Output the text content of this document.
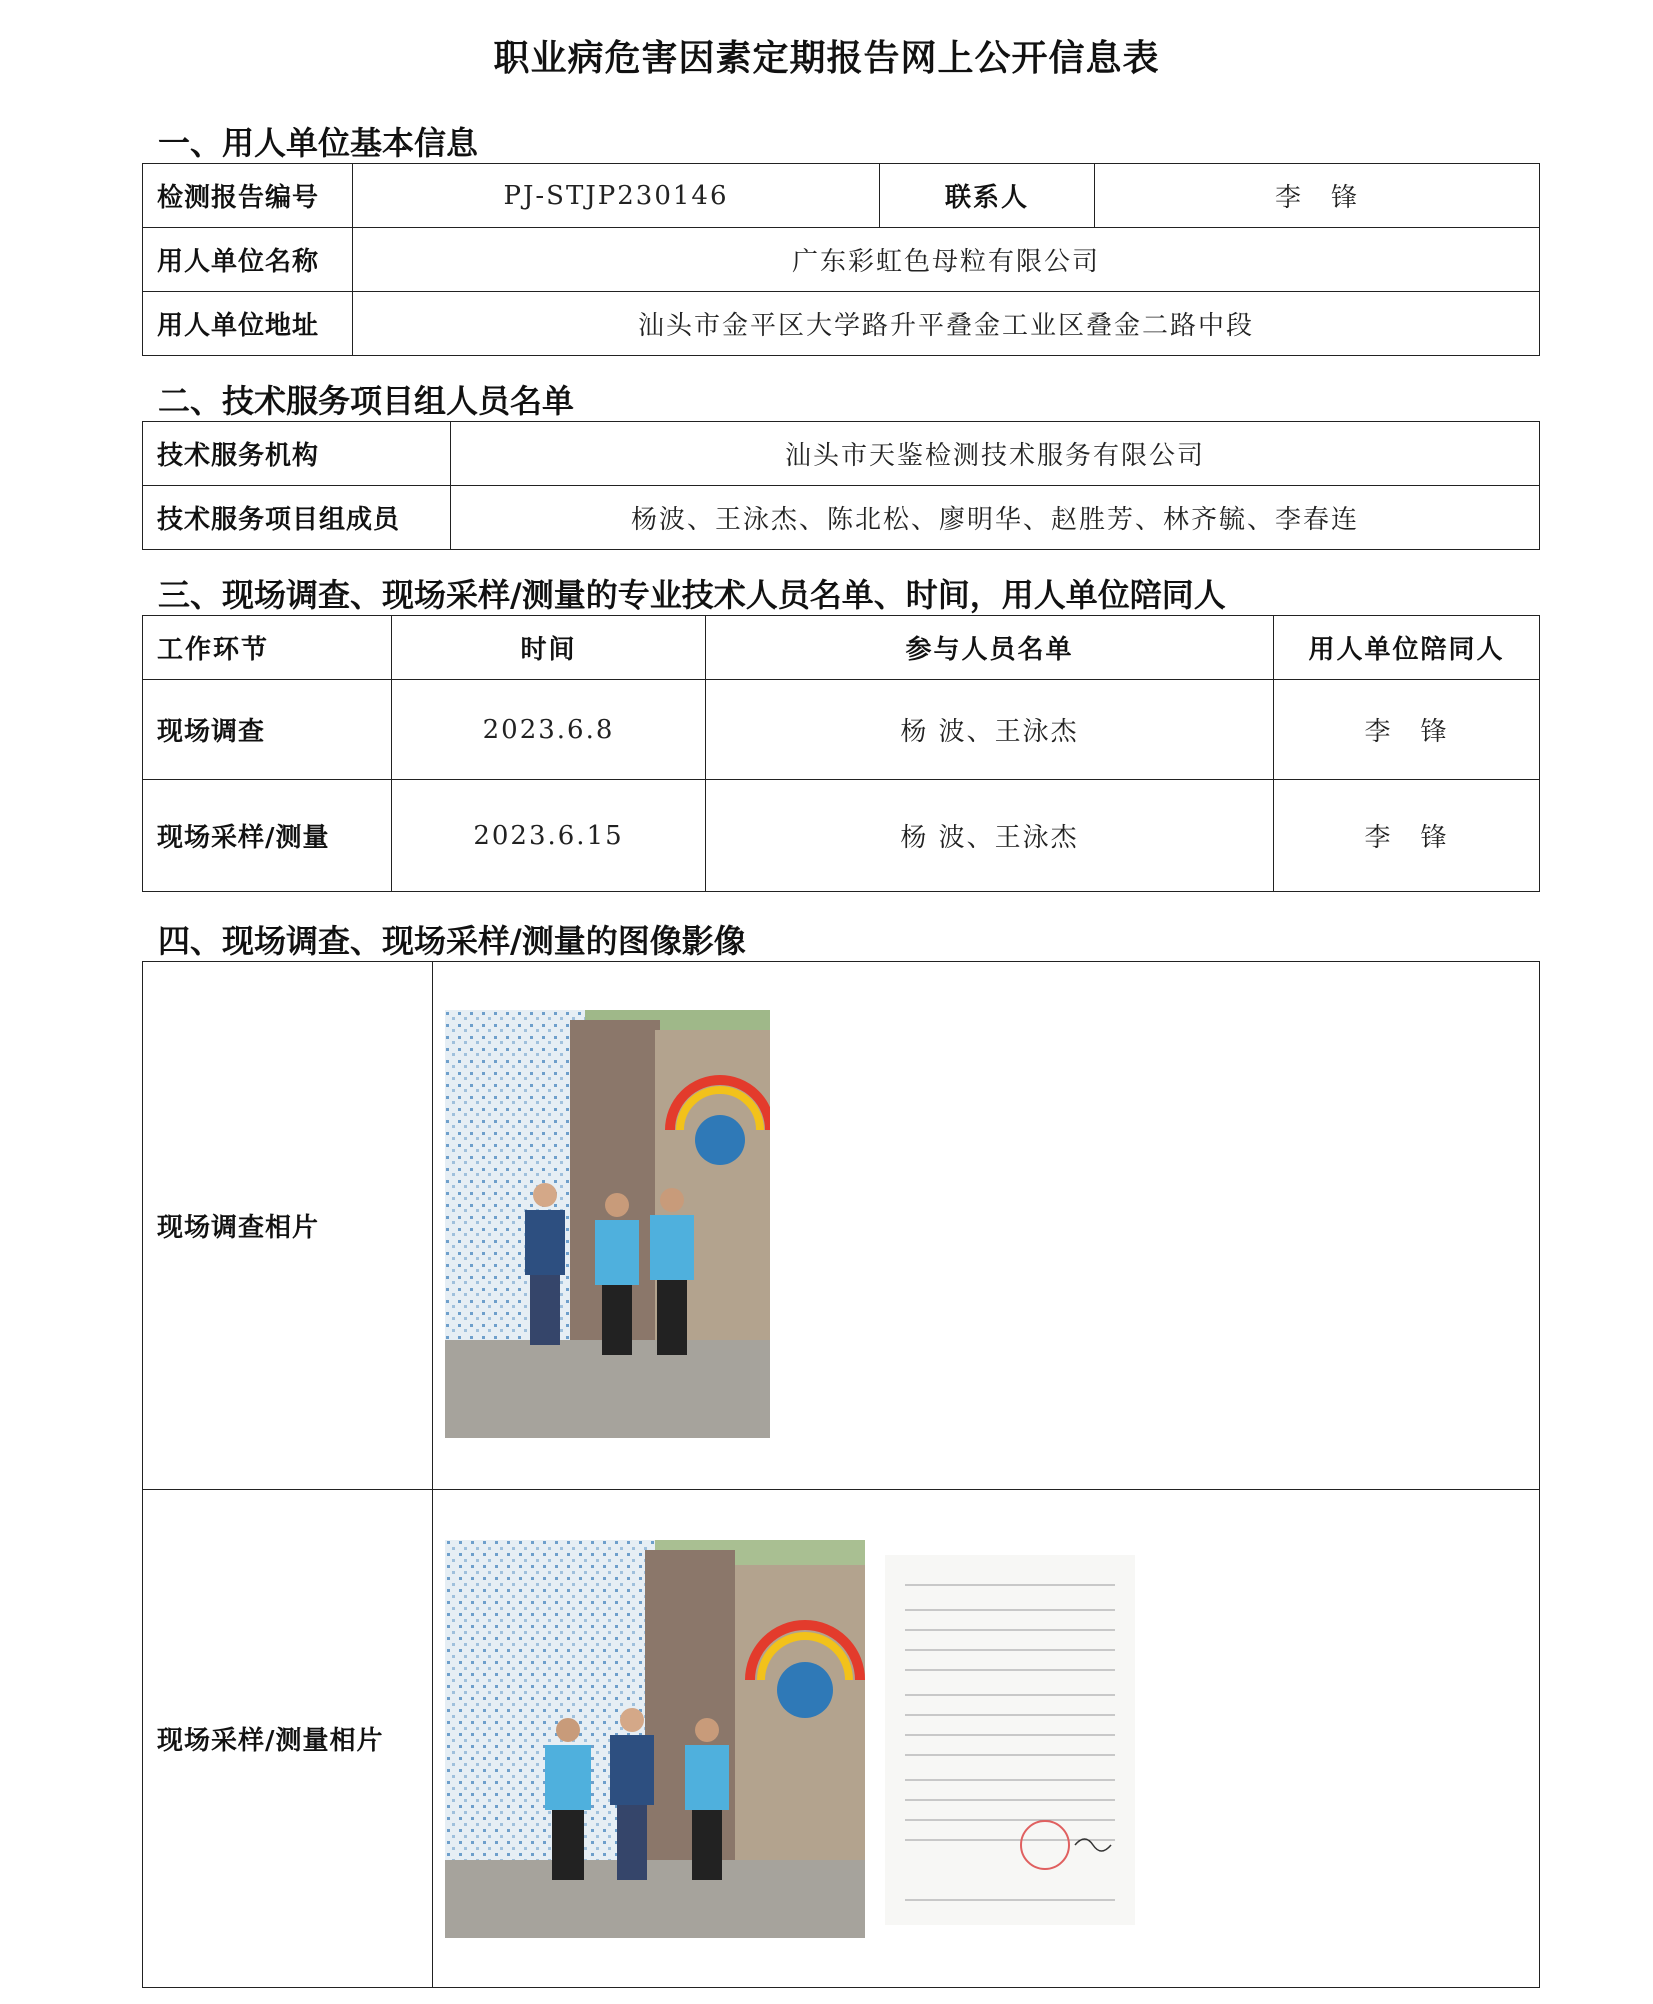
职业病危害因素定期报告网上公开信息表
一、用人单位基本信息
检测报告编号	PJ-STJP230146	联系人	李　锋
用人单位名称	广东彩虹色母粒有限公司		
用人单位地址	汕头市金平区大学路升平叠金工业区叠金二路中段		
二、技术服务项目组人员名单
技术服务机构	汕头市天鉴检测技术服务有限公司
技术服务项目组成员	杨波、王泳杰、陈北松、廖明华、赵胜芳、林齐毓、李春连
三、现场调查、现场采样/测量的专业技术人员名单、时间，用人单位陪同人
工作环节	时间	参与人员名单	用人单位陪同人
现场调查	2023.6.8	杨 波、王泳杰	李　锋
现场采样/测量	2023.6.15	杨 波、王泳杰	李　锋
四、现场调查、现场采样/测量的图像影像
现场调查相片	
现场采样/测量相片	
